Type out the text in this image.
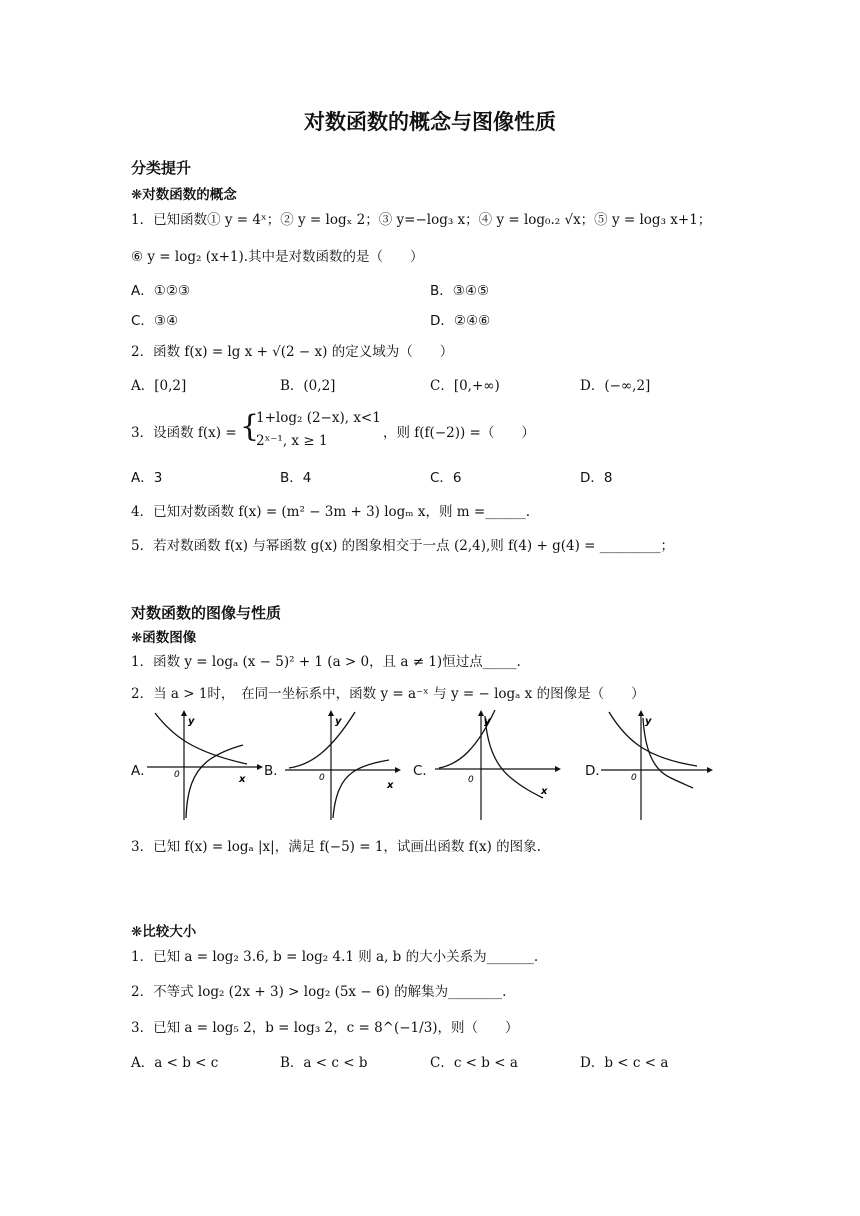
对数函数的概念与图像性质
分类提升
❋对数函数的概念
1．已知函数① y = 4ˣ；② y = logₓ 2；③ y=−log₃ x；④ y = log₀.₂ √x；⑤ y = log₃ x+1；
⑥ y = log₂ (x+1).其中是对数函数的是（　　）
A．①②③	B．③④⑤
C．③④	D．②④⑥
2．函数 f(x) = lg x + √(2 − x) 的定义域为（　　）
A．[0,2]	B．(0,2]	C．[0,+∞)	D．(−∞,2]
3．设函数 f(x) = {
1+log₂ (2−x), x<1
2ˣ⁻¹, x ≥ 1	，则 f(f(−2)) =（　　）
A．3	B．4	C．6	D．8
4．已知对数函数 f(x) = (m² − 3m + 3) logₘ x，则 m =______.
5．若对数函数 f(x) 与幂函数 g(x) 的图象相交于一点 (2,4),则 f(4) + g(4) = _________；
对数函数的图像与性质
❋函数图像
1．函数 y = logₐ (x − 5)² + 1 (a > 0，且 a ≠ 1)恒过点_____.
2．当 a > 1时，　在同一坐标系中，函数 y = a⁻ˣ 与 y = − logₐ x 的图像是（　　）
A．
y
0	x
B．
y
0
x
C．
y
0
x
D．
y
0
3．已知 f(x) = logₐ |x|，满足 f(−5) = 1，试画出函数 f(x) 的图象.
❋比较大小
1．已知 a = log₂ 3.6, b = log₂ 4.1 则 a, b 的大小关系为_______.
2．不等式 log₂ (2x + 3) > log₂ (5x − 6) 的解集为________.
3．已知 a = log₅ 2，b = log₃ 2，c = 8^(−1/3)，则（　　）
A．a < b < c	B．a < c < b	C．c < b < a	D．b < c < a
